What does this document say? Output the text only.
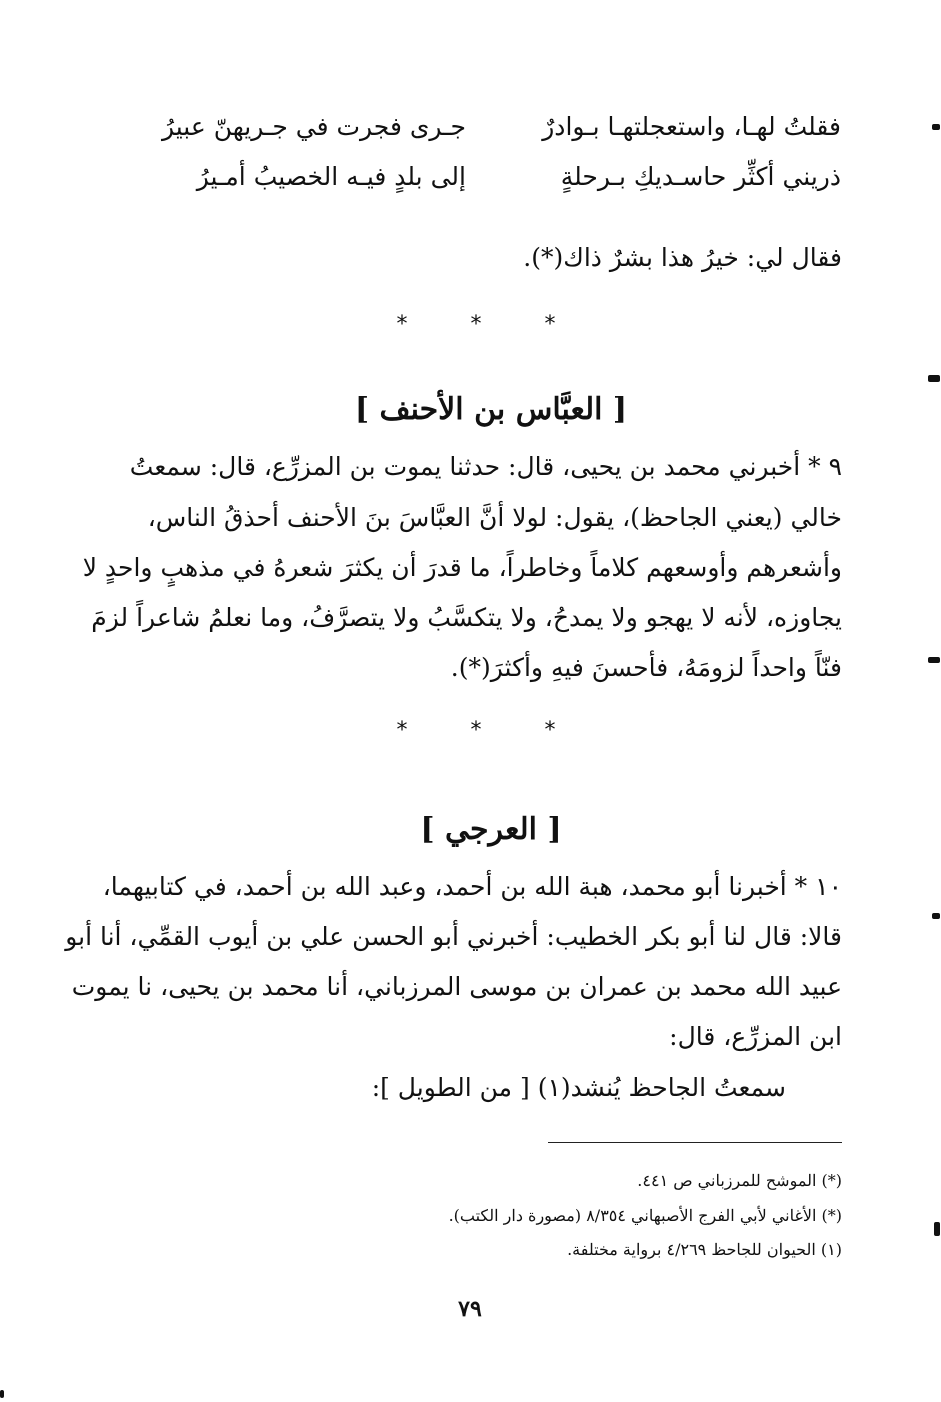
فقلتُ لهـا، واستعجلتهـا بـوادرٌ
جـرى فجرت في جـريهنّ عبيرُ
ذريني أكثِّر حاسـديكِ بـرحلةٍ
إلى بلدٍ فيـه الخصيبُ أمـيرُ
فقال لي: خيرُ هذا بشرٌ ذاك(*).
* * *
[ العبَّاس بن الأحنف ]
٩ * أخبرني محمد بن يحيى، قال: حدثنا يموت بن المزرِّع، قال: سمعتُ
خالي (يعني الجاحظ)، يقول: لولا أنَّ العبَّاسَ بنَ الأحنف أحذقُ الناس،
وأشعرهم وأوسعهم كلاماً وخاطراً، ما قدرَ أن يكثرَ شعرهُ في مذهبٍ واحدٍ لا
يجاوزه، لأنه لا يهجو ولا يمدحُ، ولا يتكسَّبُ ولا يتصرَّفُ، وما نعلمُ شاعراً لزمَ
فنّاً واحداً لزومَهُ، فأحسنَ فيهِ وأكثرَ(*).
* * *
[ العرجي ]
١٠ * أخبرنا أبو محمد، هبة الله بن أحمد، وعبد الله بن أحمد، في كتابيهما،
قالا: قال لنا أبو بكر الخطيب: أخبرني أبو الحسن علي بن أيوب القمِّي، أنا أبو
عبيد الله محمد بن عمران بن موسى المرزباني، أنا محمد بن يحيى، نا يموت
ابن المزرِّع، قال:
سمعتُ الجاحظ يُنشد(١) [ من الطويل ]:
(*) الموشح للمرزباني ص ٤٤١.
(*) الأغاني لأبي الفرج الأصبهاني ٨/٣٥٤ (مصورة دار الكتب).
(١) الحيوان للجاحظ ٤/٢٦٩ برواية مختلفة.
٧٩
